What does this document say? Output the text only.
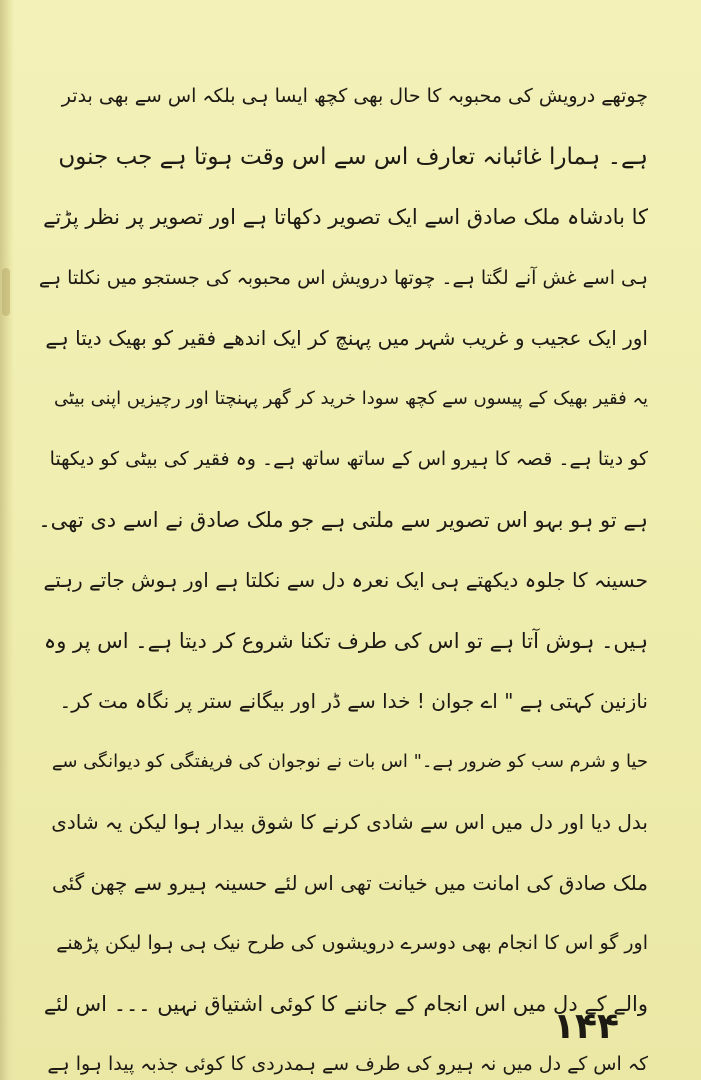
چوتھے درویش کی محبوبہ کا حال بھی کچھ ایسا ہی بلکہ اس سے بھی بدتر
ہے۔ ہمارا غائبانہ تعارف اس سے اس وقت ہوتا ہے جب جنوں
کا بادشاہ ملک صادق اسے ایک تصویر دکھاتا ہے اور تصویر پر نظر پڑتے
ہی اسے غش آنے لگتا ہے۔ چوتھا درویش اس محبوبہ کی جستجو میں نکلتا ہے
اور ایک عجیب و غریب شہر میں پہنچ کر ایک اندھے فقیر کو بھیک دیتا ہے
یہ فقیر بھیک کے پیسوں سے کچھ سودا خرید کر گھر پہنچتا اور رچیزیں اپنی بیٹی
کو دیتا ہے۔ قصہ کا ہیرو اس کے ساتھ ساتھ ہے۔ وہ فقیر کی بیٹی کو دیکھتا
ہے تو ہو بہو اس تصویر سے ملتی ہے جو ملک صادق نے اسے دی تھی۔
حسینہ کا جلوہ دیکھتے ہی ایک نعرہ دل سے نکلتا ہے اور ہوش جاتے رہتے
ہیں۔ ہوش آتا ہے تو اس کی طرف تکنا شروع کر دیتا ہے۔ اس پر وہ
نازنین کہتی ہے " اے جوان ! خدا سے ڈر اور بیگانے ستر پر نگاہ مت کر۔
حیا و شرم سب کو ضرور ہے۔" اس بات نے نوجوان کی فریفتگی کو دیوانگی سے
بدل دیا اور دل میں اس سے شادی کرنے کا شوق بیدار ہوا لیکن یہ شادی
ملک صادق کی امانت میں خیانت تھی اس لئے حسینہ ہیرو سے چھن گئی
اور گو اس کا انجام بھی دوسرے درویشوں کی طرح نیک ہی ہوا لیکن پڑھنے
والے کے دل میں اس انجام کے جاننے کا کوئی اشتیاق نہیں ۔۔۔ اس لئے
کہ اس کے دل میں نہ ہیرو کی طرف سے ہمدردی کا کوئی جذبہ پیدا ہوا ہے
۱۴۴
